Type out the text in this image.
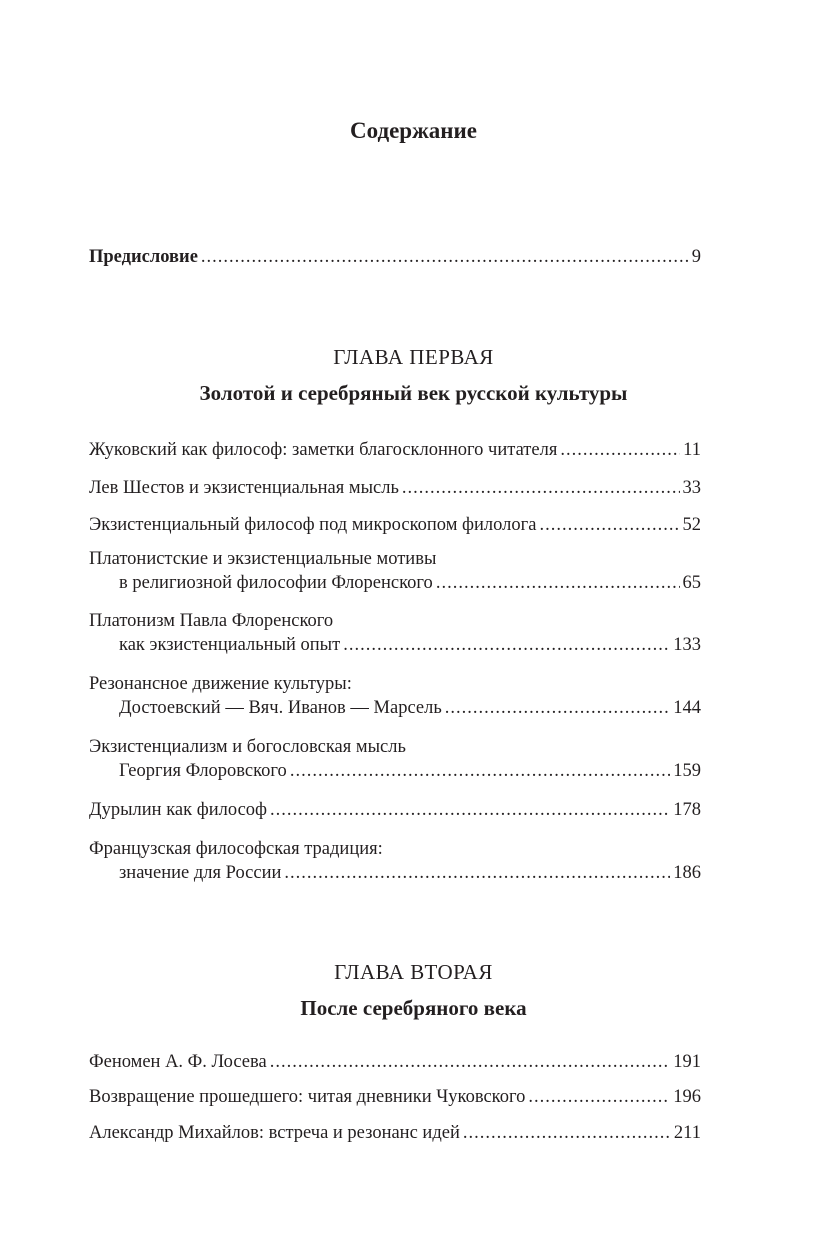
Содержание
Предисловие .....	9
ГЛАВА ПЕРВАЯ
Золотой и серебряный век русской культуры
Жуковский как философ: заметки благосклонного читателя .....	11
Лев Шестов и экзистенциальная мысль .....	33
Экзистенциальный философ под микроскопом филолога .....	52
Платонистские и экзистенциальные мотивы
в религиозной философии Флоренского .....	65
Платонизм Павла Флоренского
как экзистенциальный опыт .....	133
Резонансное движение культуры:
Достоевский — Вяч. Иванов — Марсель .....	144
Экзистенциализм и богословская мысль
Георгия Флоровского .....	159
Дурылин как философ .....	178
Французская философская традиция:
значение для России .....	186
ГЛАВА ВТОРАЯ
После серебряного века
Феномен А. Ф. Лосева .....	191
Возвращение прошедшего: читая дневники Чуковского .....	196
Александр Михайлов: встреча и резонанс идей .....	211
